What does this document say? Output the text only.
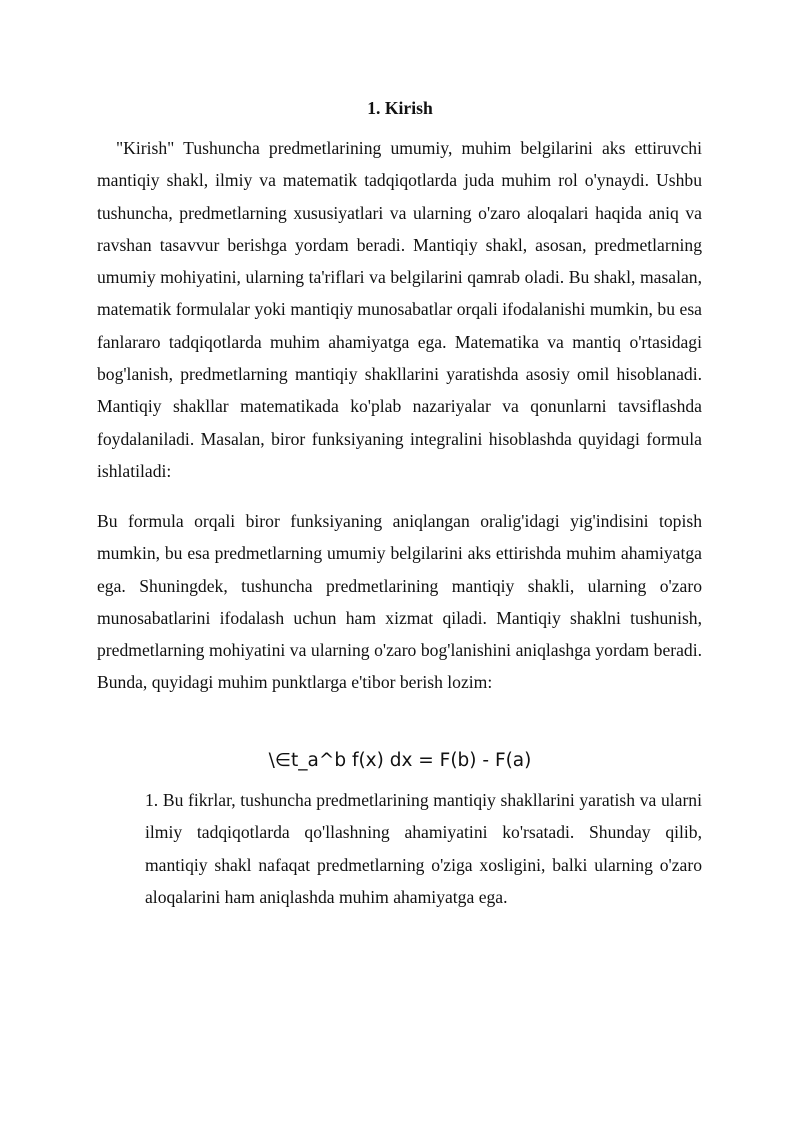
1. Kirish

"Kirish" Tushuncha predmetlarining umumiy, muhim belgilarini aks ettiruvchi mantiqiy shakl, ilmiy va matematik tadqiqotlarda juda muhim rol o'ynaydi. Ushbu tushuncha, predmetlarning xususiyatlari va ularning o'zaro aloqalari haqida aniq va ravshan tasavvur berishga yordam beradi. Mantiqiy shakl, asosan, predmetlarning umumiy mohiyatini, ularning ta'riflari va belgilarini qamrab oladi. Bu shakl, masalan, matematik formulalar yoki mantiqiy munosabatlar orqali ifodalanishi mumkin, bu esa fanlararo tadqiqotlarda muhim ahamiyatga ega. Matematika va mantiq o'rtasidagi bog'lanish, predmetlarning mantiqiy shakllarini yaratishda asosiy omil hisoblanadi. Mantiqiy shakllar matematikada ko'plab nazariyalar va qonunlarni tavsiflashda foydalaniladi. Masalan, biror funksiyaning integralini hisoblashda quyidagi formula ishlatiladi:

Bu formula orqali biror funksiyaning aniqlangan oralig'idagi yig'indisini topish mumkin, bu esa predmetlarning umumiy belgilarini aks ettirishda muhim ahamiyatga ega. Shuningdek, tushuncha predmetlarining mantiqiy shakli, ularning o'zaro munosabatlarini ifodalash uchun ham xizmat qiladi. Mantiqiy shaklni tushunish, predmetlarning mohiyatini va ularning o'zaro bog'lanishini aniqlashga yordam beradi. Bunda, quyidagi muhim punktlarga e'tibor berish lozim:

\∈t_a^b f(x) dx = F(b) - F(a)

1. Bu fikrlar, tushuncha predmetlarining mantiqiy shakllarini yaratish va ularni ilmiy tadqiqotlarda qo'llashning ahamiyatini ko'rsatadi. Shunday qilib, mantiqiy shakl nafaqat predmetlarning o'ziga xosligini, balki ularning o'zaro aloqalarini ham aniqlashda muhim ahamiyatga ega.
